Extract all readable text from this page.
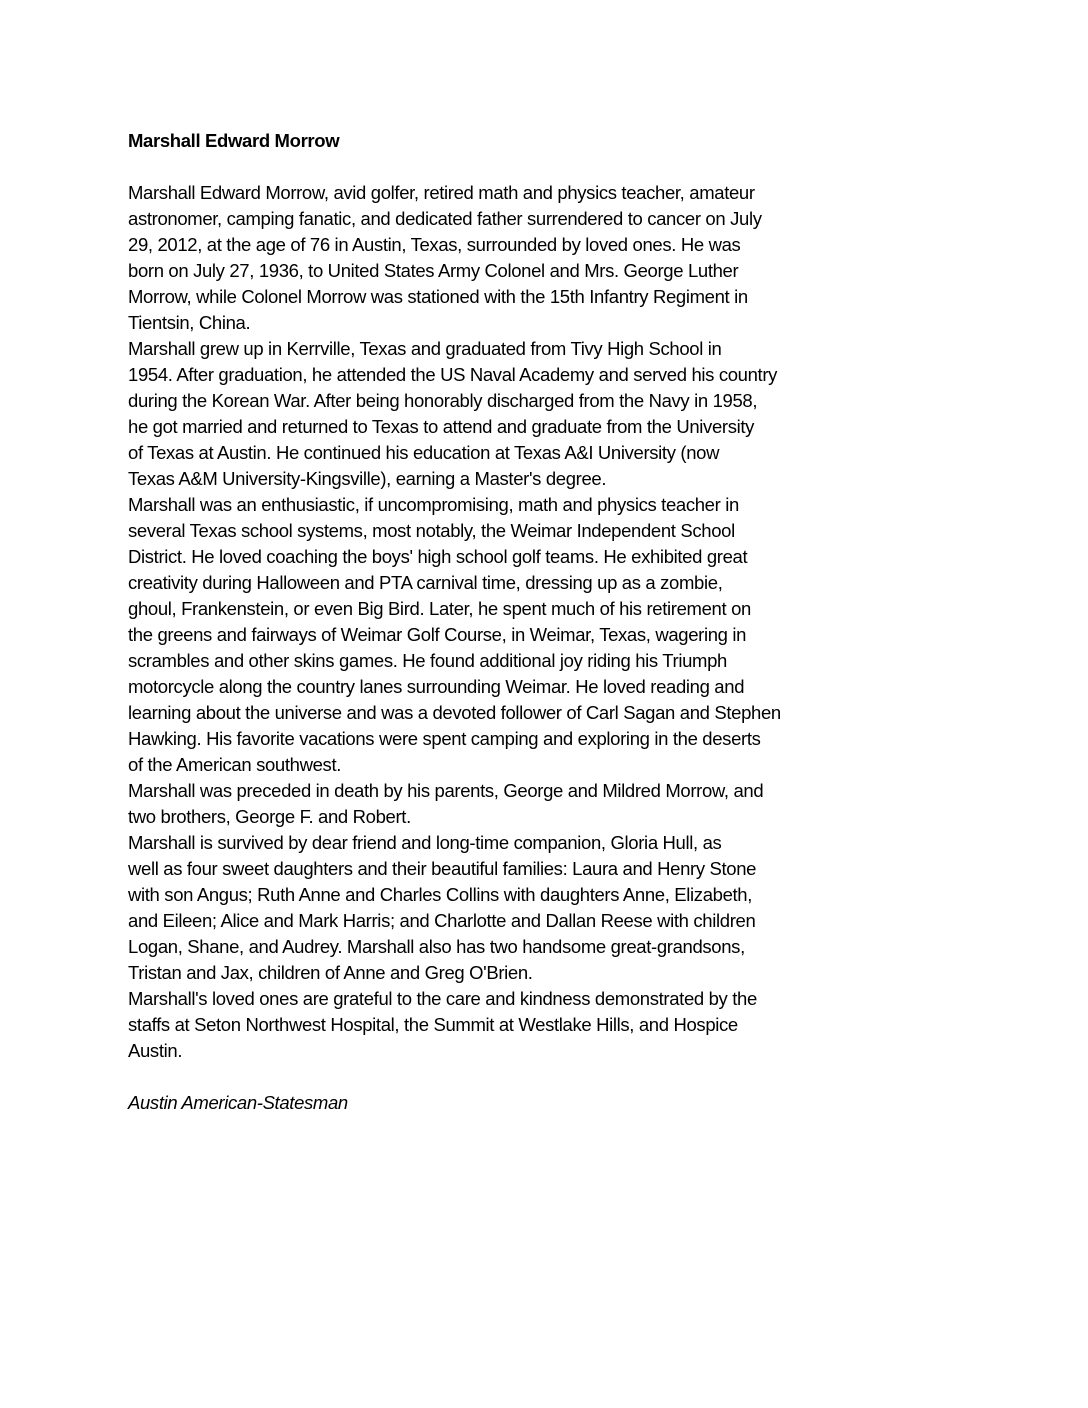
Marshall Edward Morrow

Marshall Edward Morrow, avid golfer, retired math and physics teacher, amateur
astronomer, camping fanatic, and dedicated father surrendered to cancer on July
29, 2012, at the age of 76 in Austin, Texas, surrounded by loved ones. He was
born on July 27, 1936, to United States Army Colonel and Mrs. George Luther
Morrow, while Colonel Morrow was stationed with the 15th Infantry Regiment in
Tientsin, China.

Marshall grew up in Kerrville, Texas and graduated from Tivy High School in
1954. After graduation, he attended the US Naval Academy and served his country
during the Korean War. After being honorably discharged from the Navy in 1958,
he got married and returned to Texas to attend and graduate from the University
of Texas at Austin. He continued his education at Texas A&I University (now
Texas A&M University-Kingsville), earning a Master's degree.

Marshall was an enthusiastic, if uncompromising, math and physics teacher in
several Texas school systems, most notably, the Weimar Independent School
District. He loved coaching the boys' high school golf teams. He exhibited great
creativity during Halloween and PTA carnival time, dressing up as a zombie,
ghoul, Frankenstein, or even Big Bird. Later, he spent much of his retirement on
the greens and fairways of Weimar Golf Course, in Weimar, Texas, wagering in
scrambles and other skins games. He found additional joy riding his Triumph
motorcycle along the country lanes surrounding Weimar. He loved reading and
learning about the universe and was a devoted follower of Carl Sagan and Stephen
Hawking. His favorite vacations were spent camping and exploring in the deserts
of the American southwest.

Marshall was preceded in death by his parents, George and Mildred Morrow, and
two brothers, George F. and Robert.

Marshall is survived by dear friend and long-time companion, Gloria Hull, as
well as four sweet daughters and their beautiful families: Laura and Henry Stone
with son Angus; Ruth Anne and Charles Collins with daughters Anne, Elizabeth,
and Eileen; Alice and Mark Harris; and Charlotte and Dallan Reese with children
Logan, Shane, and Audrey. Marshall also has two handsome great-grandsons,
Tristan and Jax, children of Anne and Greg O'Brien.

Marshall's loved ones are grateful to the care and kindness demonstrated by the
staffs at Seton Northwest Hospital, the Summit at Westlake Hills, and Hospice
Austin.

Austin American-Statesman
